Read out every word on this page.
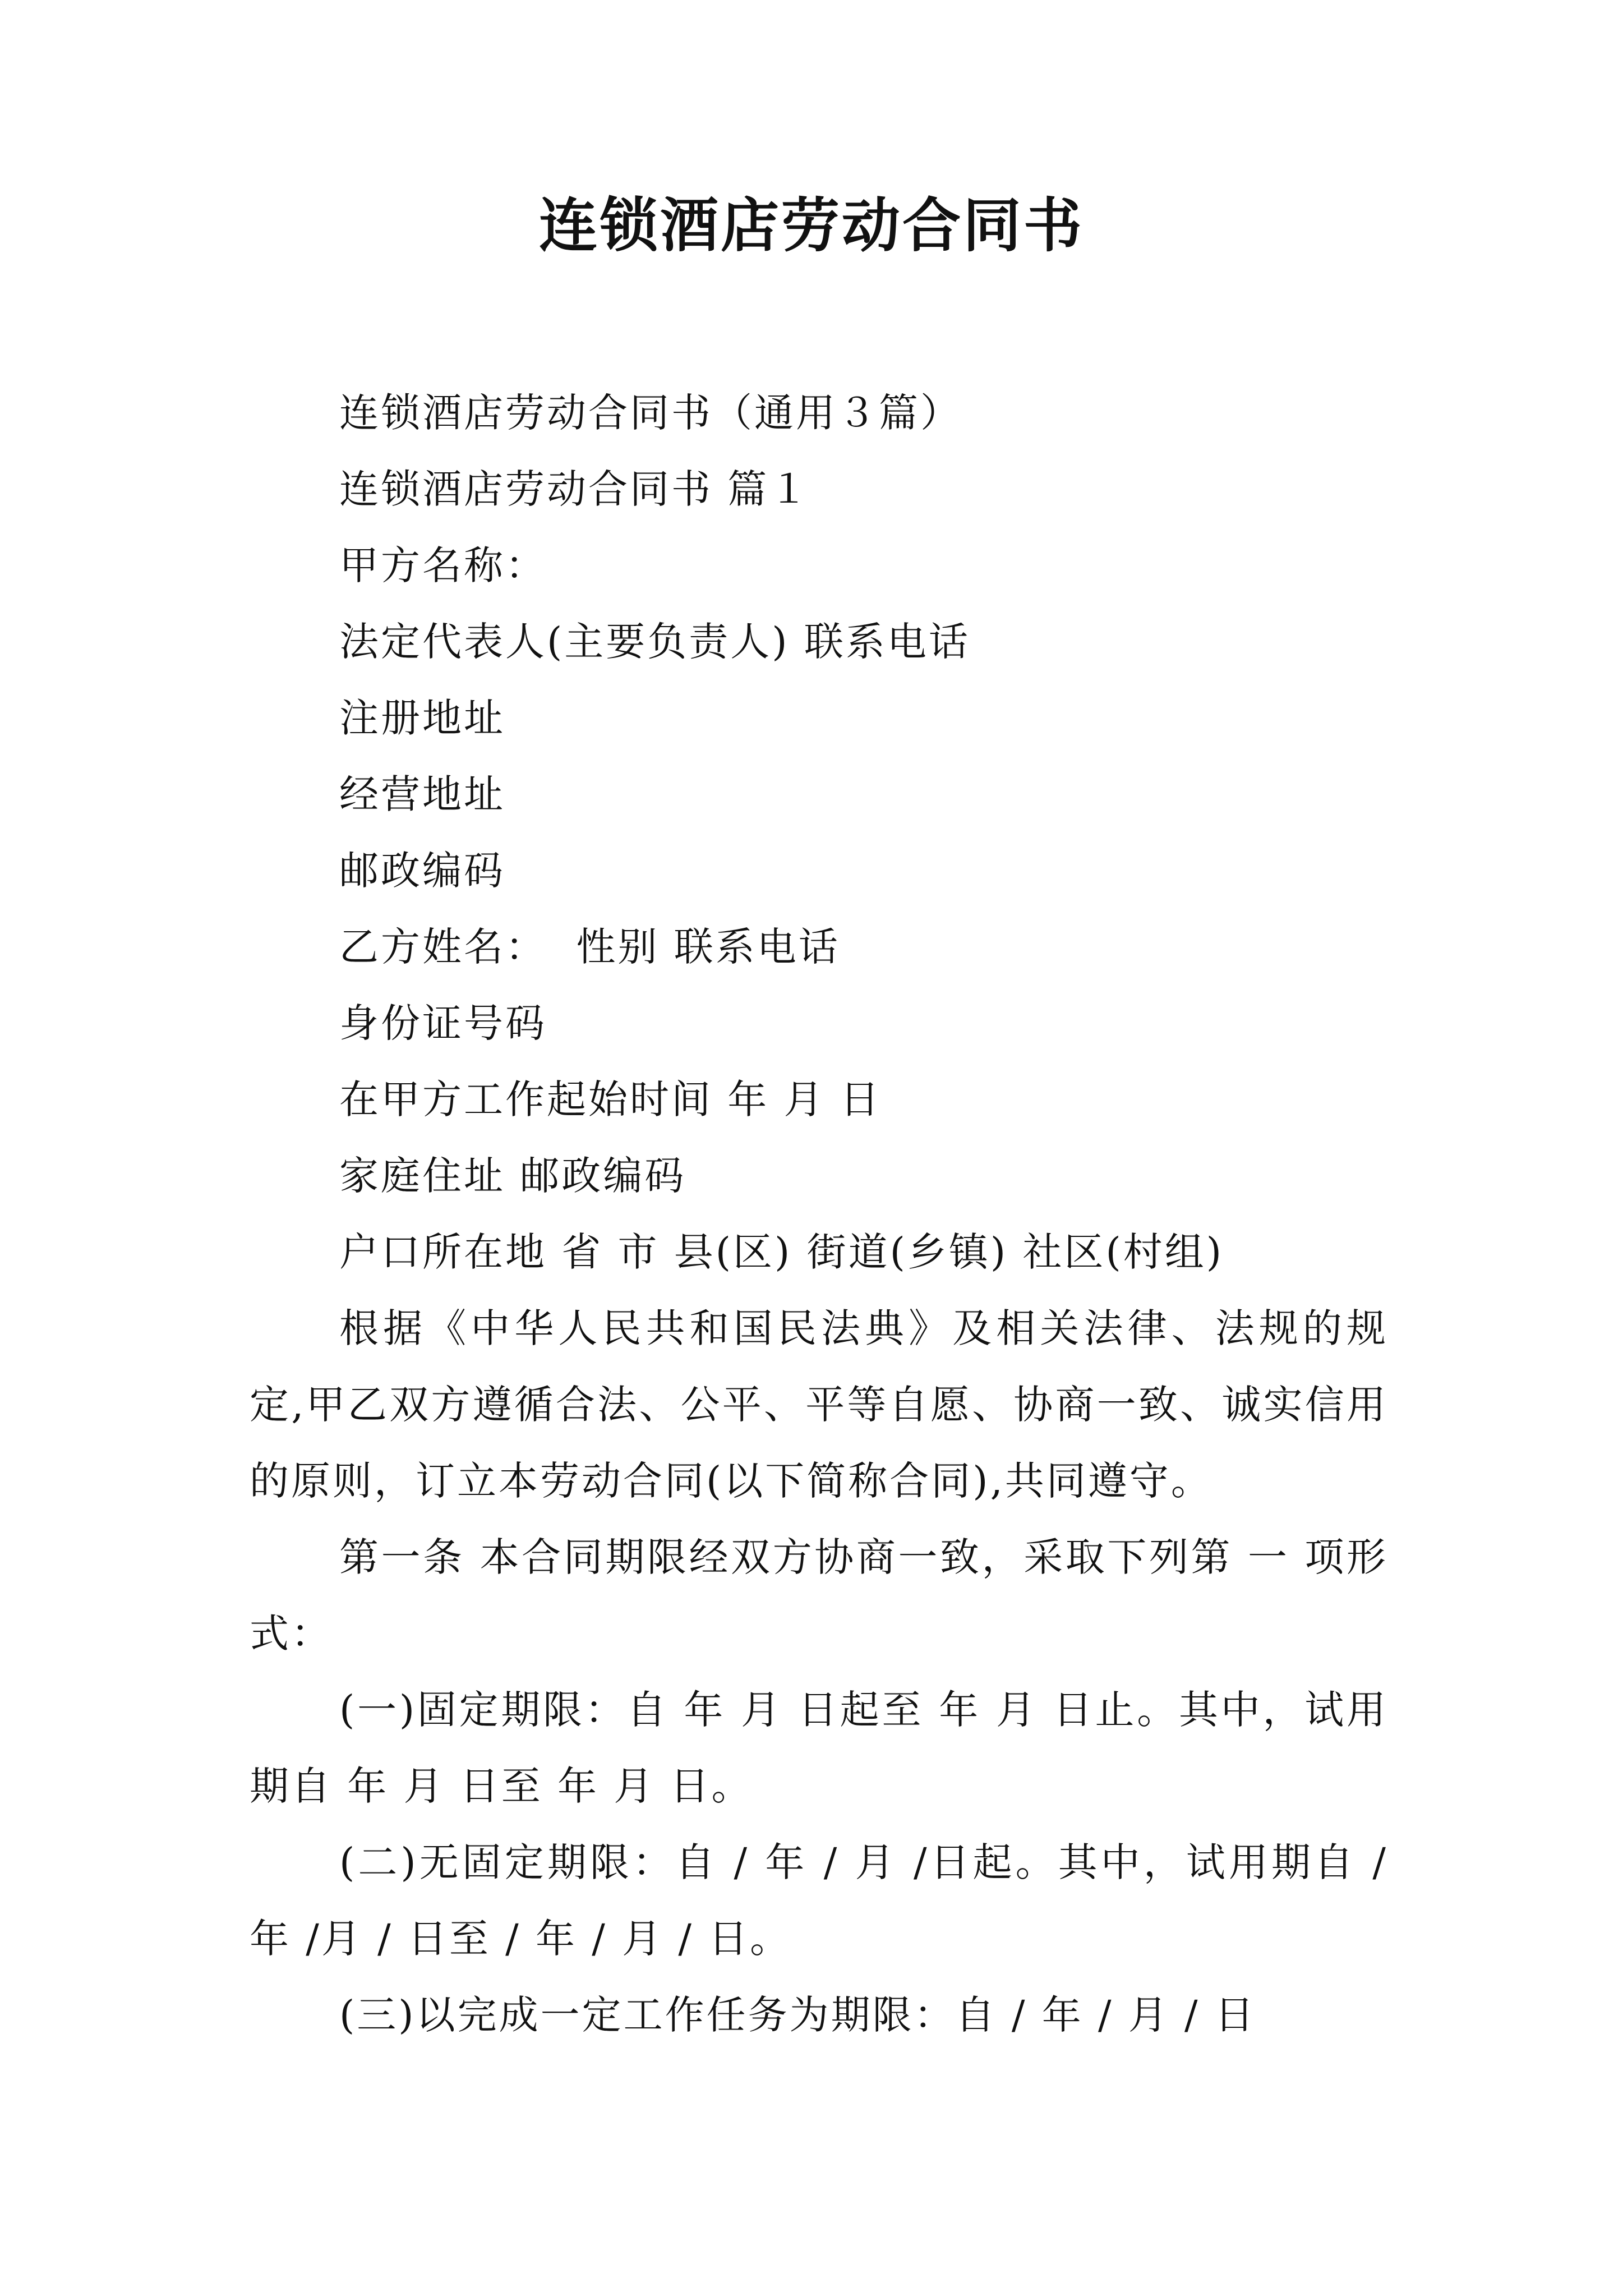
连锁酒店劳动合同书

连锁酒店劳动合同书（通用３篇）

连锁酒店劳动合同书 篇１

甲方名称：

法定代表人(主要负责人) 联系电话

注册地址

经营地址

邮政编码

乙方姓名：  性别 联系电话

身份证号码

在甲方工作起始时间 年 月 日

家庭住址 邮政编码

户口所在地 省 市 县(区) 街道(乡镇) 社区(村组)

根据《中华人民共和国民法典》及相关法律、法规的规定,甲乙双方遵循合法、公平、平等自愿、协商一致、诚实信用的原则，订立本劳动合同(以下简称合同),共同遵守。

第一条 本合同期限经双方协商一致，采取下列第 一 项形式：

(一)固定期限：自 年 月 日起至 年 月 日止。其中，试用期自 年 月 日至 年 月 日。

(二)无固定期限：自 / 年 / 月 /日起。其中，试用期自 / 年 /月 / 日至 / 年 / 月 / 日。

(三)以完成一定工作任务为期限：自 / 年 / 月 / 日
